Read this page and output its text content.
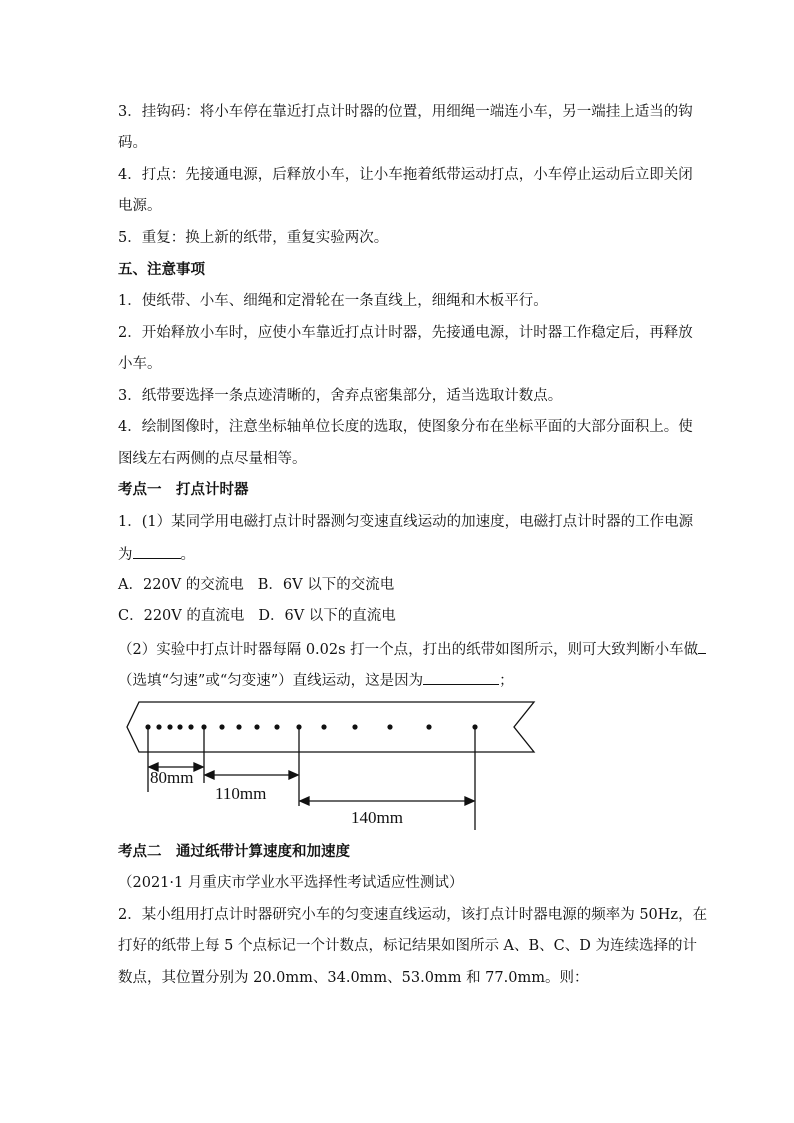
3．挂钩码：将小车停在靠近打点计时器的位置，用细绳一端连小车，另一端挂上适当的钩
码。
4．打点：先接通电源，后释放小车，让小车拖着纸带运动打点，小车停止运动后立即关闭
电源。
5．重复：换上新的纸带，重复实验两次。
五、注意事项
1．使纸带、小车、细绳和定滑轮在一条直线上，细绳和木板平行。
2．开始释放小车时，应使小车靠近打点计时器，先接通电源，计时器工作稳定后，再释放
小车。
3．纸带要选择一条点迹清晰的，舍弃点密集部分，适当选取计数点。
4．绘制图像时，注意坐标轴单位长度的选取，使图象分布在坐标平面的大部分面积上。使
图线左右两侧的点尽量相等。
考点一　打点计时器
1．(1）某同学用电磁打点计时器测匀变速直线运动的加速度，电磁打点计时器的工作电源
为	。
A．220V 的交流电 B．6V 以下的交流电
C．220V 的直流电 D．6V 以下的直流电
（2）实验中打点计时器每隔 0.02s 打一个点，打出的纸带如图所示，则可大致判断小车做
（选填“匀速”或“匀变速”）直线运动，这是因为	；
80mm
110mm
140mm
考点二　通过纸带计算速度和加速度
（2021·1 月重庆市学业水平选择性考试适应性测试）
2．某小组用打点计时器研究小车的匀变速直线运动，该打点计时器电源的频率为 50Hz，在
打好的纸带上每 5 个点标记一个计数点，标记结果如图所示 A、B、C、D 为连续选择的计
数点，其位置分别为 20.0mm、34.0mm、53.0mm 和 77.0mm。则：
